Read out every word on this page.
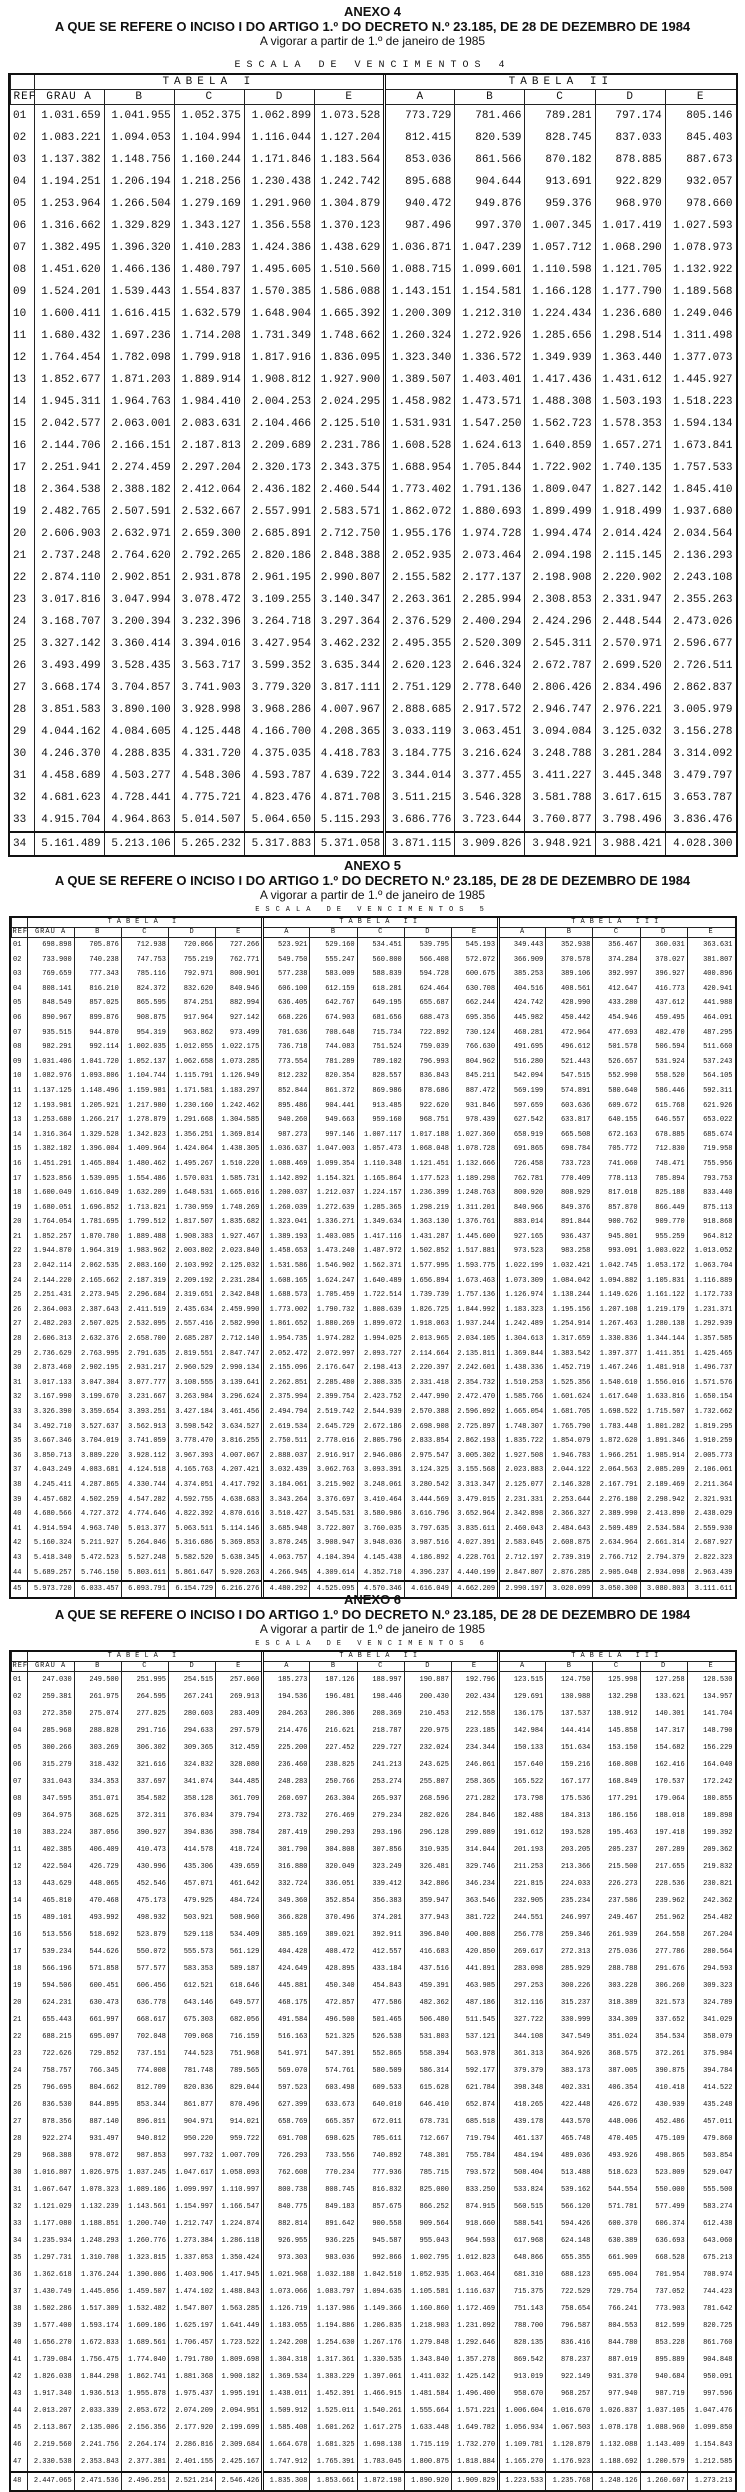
ANEXO 4
A QUE SE REFERE O INCISO I DO ARTIGO 1.º DO DECRETO N.º 23.185, DE 28 DE DEZEMBRO DE 1984
A vigorar a partir de 1.º de janeiro de 1985
ESCALA DE VENCIMENTOS 4
	TABELA I					TABELA II				
REF	GRAU A	B	C	D	E	A	B	C	D	E
01	1.031.659	1.041.955	1.052.375	1.062.899	1.073.528	773.729	781.466	789.281	797.174	805.146
02	1.083.221	1.094.053	1.104.994	1.116.044	1.127.204	812.415	820.539	828.745	837.033	845.403
03	1.137.382	1.148.756	1.160.244	1.171.846	1.183.564	853.036	861.566	870.182	878.885	887.673
04	1.194.251	1.206.194	1.218.256	1.230.438	1.242.742	895.688	904.644	913.691	922.829	932.057
05	1.253.964	1.266.504	1.279.169	1.291.960	1.304.879	940.472	949.876	959.376	968.970	978.660
06	1.316.662	1.329.829	1.343.127	1.356.558	1.370.123	987.496	997.370	1.007.345	1.017.419	1.027.593
07	1.382.495	1.396.320	1.410.283	1.424.386	1.438.629	1.036.871	1.047.239	1.057.712	1.068.290	1.078.973
08	1.451.620	1.466.136	1.480.797	1.495.605	1.510.560	1.088.715	1.099.601	1.110.598	1.121.705	1.132.922
09	1.524.201	1.539.443	1.554.837	1.570.385	1.586.088	1.143.151	1.154.581	1.166.128	1.177.790	1.189.568
10	1.600.411	1.616.415	1.632.579	1.648.904	1.665.392	1.200.309	1.212.310	1.224.434	1.236.680	1.249.046
11	1.680.432	1.697.236	1.714.208	1.731.349	1.748.662	1.260.324	1.272.926	1.285.656	1.298.514	1.311.498
12	1.764.454	1.782.098	1.799.918	1.817.916	1.836.095	1.323.340	1.336.572	1.349.939	1.363.440	1.377.073
13	1.852.677	1.871.203	1.889.914	1.908.812	1.927.900	1.389.507	1.403.401	1.417.436	1.431.612	1.445.927
14	1.945.311	1.964.763	1.984.410	2.004.253	2.024.295	1.458.982	1.473.571	1.488.308	1.503.193	1.518.223
15	2.042.577	2.063.001	2.083.631	2.104.466	2.125.510	1.531.931	1.547.250	1.562.723	1.578.353	1.594.134
16	2.144.706	2.166.151	2.187.813	2.209.689	2.231.786	1.608.528	1.624.613	1.640.859	1.657.271	1.673.841
17	2.251.941	2.274.459	2.297.204	2.320.173	2.343.375	1.688.954	1.705.844	1.722.902	1.740.135	1.757.533
18	2.364.538	2.388.182	2.412.064	2.436.182	2.460.544	1.773.402	1.791.136	1.809.047	1.827.142	1.845.410
19	2.482.765	2.507.591	2.532.667	2.557.991	2.583.571	1.862.072	1.880.693	1.899.499	1.918.499	1.937.680
20	2.606.903	2.632.971	2.659.300	2.685.891	2.712.750	1.955.176	1.974.728	1.994.474	2.014.424	2.034.564
21	2.737.248	2.764.620	2.792.265	2.820.186	2.848.388	2.052.935	2.073.464	2.094.198	2.115.145	2.136.293
22	2.874.110	2.902.851	2.931.878	2.961.195	2.990.807	2.155.582	2.177.137	2.198.908	2.220.902	2.243.108
23	3.017.816	3.047.994	3.078.472	3.109.255	3.140.347	2.263.361	2.285.994	2.308.853	2.331.947	2.355.263
24	3.168.707	3.200.394	3.232.396	3.264.718	3.297.364	2.376.529	2.400.294	2.424.296	2.448.544	2.473.026
25	3.327.142	3.360.414	3.394.016	3.427.954	3.462.232	2.495.355	2.520.309	2.545.311	2.570.971	2.596.677
26	3.493.499	3.528.435	3.563.717	3.599.352	3.635.344	2.620.123	2.646.324	2.672.787	2.699.520	2.726.511
27	3.668.174	3.704.857	3.741.903	3.779.320	3.817.111	2.751.129	2.778.640	2.806.426	2.834.496	2.862.837
28	3.851.583	3.890.100	3.928.998	3.968.286	4.007.967	2.888.685	2.917.572	2.946.747	2.976.221	3.005.979
29	4.044.162	4.084.605	4.125.448	4.166.700	4.208.365	3.033.119	3.063.451	3.094.084	3.125.032	3.156.278
30	4.246.370	4.288.835	4.331.720	4.375.035	4.418.783	3.184.775	3.216.624	3.248.788	3.281.284	3.314.092
31	4.458.689	4.503.277	4.548.306	4.593.787	4.639.722	3.344.014	3.377.455	3.411.227	3.445.348	3.479.797
32	4.681.623	4.728.441	4.775.721	4.823.476	4.871.708	3.511.215	3.546.328	3.581.788	3.617.615	3.653.787
33	4.915.704	4.964.863	5.014.507	5.064.650	5.115.293	3.686.776	3.723.644	3.760.877	3.798.496	3.836.476
34	5.161.489	5.213.106	5.265.232	5.317.883	5.371.058	3.871.115	3.909.826	3.948.921	3.988.421	4.028.300
ANEXO 5
A QUE SE REFERE O INCISO I DO ARTIGO 1.º DO DECRETO N.º 23.185, DE 28 DE DEZEMBRO DE 1984
A vigorar a partir de 1.º de janeiro de 1985
ESCALA DE VENCIMENTOS 5
	TABELA I					TABELA II					TABELA III				
REF	GRAU A	B	C	D	E	A	B	C	D	E	A	B	C	D	E
01	698.898	705.876	712.938	720.066	727.266	523.921	529.160	534.451	539.795	545.193	349.443	352.938	356.467	360.031	363.631
02	733.900	740.238	747.753	755.219	762.771	549.750	555.247	560.800	566.408	572.072	366.909	370.578	374.284	378.027	381.807
03	769.659	777.343	785.116	792.971	800.901	577.238	583.009	588.839	594.728	600.675	385.253	389.106	392.997	396.927	400.896
04	808.141	816.210	824.372	832.620	840.946	606.100	612.159	618.281	624.464	630.708	404.516	408.561	412.647	416.773	420.941
05	848.549	857.025	865.595	874.251	882.994	636.405	642.767	649.195	655.687	662.244	424.742	428.990	433.280	437.612	441.988
06	890.967	899.876	908.875	917.964	927.142	668.226	674.903	681.656	688.473	695.356	445.982	450.442	454.946	459.495	464.091
07	935.515	944.870	954.319	963.862	973.499	701.636	708.648	715.734	722.892	730.124	468.281	472.964	477.693	482.470	487.295
08	982.291	992.114	1.002.035	1.012.055	1.022.175	736.718	744.083	751.524	759.039	766.630	491.695	496.612	501.578	506.594	511.660
09	1.031.406	1.041.720	1.052.137	1.062.658	1.073.285	773.554	781.289	789.102	796.993	804.962	516.280	521.443	526.657	531.924	537.243
10	1.082.976	1.093.806	1.104.744	1.115.791	1.126.949	812.232	820.354	828.557	836.843	845.211	542.094	547.515	552.990	558.520	564.105
11	1.137.125	1.148.496	1.159.981	1.171.581	1.183.297	852.844	861.372	869.986	878.686	887.472	569.199	574.891	580.640	586.446	592.311
12	1.193.981	1.205.921	1.217.980	1.230.160	1.242.462	895.486	904.441	913.485	922.620	931.846	597.659	603.636	609.672	615.768	621.926
13	1.253.680	1.266.217	1.278.879	1.291.668	1.304.585	940.260	949.663	959.160	968.751	978.439	627.542	633.817	640.155	646.557	653.022
14	1.316.364	1.329.528	1.342.823	1.356.251	1.369.814	987.273	997.146	1.007.117	1.017.188	1.027.360	658.919	665.508	672.163	678.885	685.674
15	1.382.182	1.396.004	1.409.964	1.424.064	1.438.305	1.036.637	1.047.003	1.057.473	1.068.048	1.078.728	691.865	698.784	705.772	712.830	719.958
16	1.451.291	1.465.804	1.480.462	1.495.267	1.510.220	1.088.469	1.099.354	1.110.348	1.121.451	1.132.666	726.458	733.723	741.060	748.471	755.956
17	1.523.856	1.539.095	1.554.486	1.570.031	1.585.731	1.142.892	1.154.321	1.165.864	1.177.523	1.189.298	762.781	770.409	778.113	785.894	793.753
18	1.600.049	1.616.049	1.632.209	1.648.531	1.665.016	1.200.037	1.212.037	1.224.157	1.236.399	1.248.763	800.920	808.929	817.018	825.188	833.440
19	1.680.051	1.696.852	1.713.821	1.730.959	1.748.269	1.260.039	1.272.639	1.285.365	1.298.219	1.311.201	840.966	849.376	857.870	866.449	875.113
20	1.764.054	1.781.695	1.799.512	1.817.507	1.835.682	1.323.041	1.336.271	1.349.634	1.363.130	1.376.761	883.014	891.844	900.762	909.770	918.868
21	1.852.257	1.870.780	1.889.488	1.908.383	1.927.467	1.389.193	1.403.085	1.417.116	1.431.287	1.445.600	927.165	936.437	945.801	955.259	964.812
22	1.944.870	1.964.319	1.983.962	2.003.802	2.023.840	1.458.653	1.473.240	1.487.972	1.502.852	1.517.881	973.523	983.258	993.091	1.003.022	1.013.052
23	2.042.114	2.062.535	2.083.160	2.103.992	2.125.032	1.531.586	1.546.902	1.562.371	1.577.995	1.593.775	1.022.199	1.032.421	1.042.745	1.053.172	1.063.704
24	2.144.220	2.165.662	2.187.319	2.209.192	2.231.284	1.608.165	1.624.247	1.640.489	1.656.894	1.673.463	1.073.309	1.084.042	1.094.882	1.105.831	1.116.889
25	2.251.431	2.273.945	2.296.684	2.319.651	2.342.848	1.688.573	1.705.459	1.722.514	1.739.739	1.757.136	1.126.974	1.138.244	1.149.626	1.161.122	1.172.733
26	2.364.003	2.387.643	2.411.519	2.435.634	2.459.990	1.773.002	1.790.732	1.808.639	1.826.725	1.844.992	1.183.323	1.195.156	1.207.108	1.219.179	1.231.371
27	2.482.203	2.507.025	2.532.095	2.557.416	2.582.990	1.861.652	1.880.269	1.899.072	1.918.063	1.937.244	1.242.489	1.254.914	1.267.463	1.280.138	1.292.939
28	2.606.313	2.632.376	2.658.700	2.685.287	2.712.140	1.954.735	1.974.282	1.994.025	2.013.965	2.034.105	1.304.613	1.317.659	1.330.836	1.344.144	1.357.585
29	2.736.629	2.763.995	2.791.635	2.819.551	2.847.747	2.052.472	2.072.997	2.093.727	2.114.664	2.135.811	1.369.844	1.383.542	1.397.377	1.411.351	1.425.465
30	2.873.460	2.902.195	2.931.217	2.960.529	2.990.134	2.155.096	2.176.647	2.198.413	2.220.397	2.242.601	1.438.336	1.452.719	1.467.246	1.481.918	1.496.737
31	3.017.133	3.047.304	3.077.777	3.108.555	3.139.641	2.262.851	2.285.480	2.308.335	2.331.418	2.354.732	1.510.253	1.525.356	1.540.610	1.556.016	1.571.576
32	3.167.990	3.199.670	3.231.667	3.263.984	3.296.624	2.375.994	2.399.754	2.423.752	2.447.990	2.472.470	1.585.766	1.601.624	1.617.640	1.633.816	1.650.154
33	3.326.390	3.359.654	3.393.251	3.427.184	3.461.456	2.494.794	2.519.742	2.544.939	2.570.388	2.596.092	1.665.054	1.681.705	1.698.522	1.715.507	1.732.662
34	3.492.710	3.527.637	3.562.913	3.598.542	3.634.527	2.619.534	2.645.729	2.672.186	2.698.908	2.725.897	1.748.307	1.765.790	1.783.448	1.801.282	1.819.295
35	3.667.346	3.704.019	3.741.059	3.778.470	3.816.255	2.750.511	2.778.016	2.805.796	2.833.854	2.862.193	1.835.722	1.854.079	1.872.620	1.891.346	1.910.259
36	3.850.713	3.889.220	3.928.112	3.967.393	4.007.067	2.888.037	2.916.917	2.946.086	2.975.547	3.005.302	1.927.508	1.946.783	1.966.251	1.985.914	2.005.773
37	4.043.249	4.083.681	4.124.518	4.165.763	4.207.421	3.032.439	3.062.763	3.093.391	3.124.325	3.155.568	2.023.883	2.044.122	2.064.563	2.085.209	2.106.061
38	4.245.411	4.287.865	4.330.744	4.374.051	4.417.792	3.184.061	3.215.902	3.248.061	3.280.542	3.313.347	2.125.077	2.146.328	2.167.791	2.189.469	2.211.364
39	4.457.682	4.502.259	4.547.282	4.592.755	4.638.683	3.343.264	3.376.697	3.410.464	3.444.569	3.479.015	2.231.331	2.253.644	2.276.180	2.298.942	2.321.931
40	4.680.566	4.727.372	4.774.646	4.822.392	4.870.616	3.510.427	3.545.531	3.580.986	3.616.796	3.652.964	2.342.898	2.366.327	2.389.990	2.413.890	2.438.029
41	4.914.594	4.963.740	5.013.377	5.063.511	5.114.146	3.685.948	3.722.807	3.760.035	3.797.635	3.835.611	2.460.043	2.484.643	2.509.489	2.534.584	2.559.930
42	5.160.324	5.211.927	5.264.046	5.316.686	5.369.853	3.870.245	3.908.947	3.948.036	3.987.516	4.027.391	2.583.045	2.608.875	2.634.964	2.661.314	2.687.927
43	5.418.340	5.472.523	5.527.248	5.582.520	5.638.345	4.063.757	4.104.394	4.145.438	4.186.892	4.228.761	2.712.197	2.739.319	2.766.712	2.794.379	2.822.323
44	5.689.257	5.746.150	5.803.611	5.861.647	5.920.263	4.266.945	4.309.614	4.352.710	4.396.237	4.440.199	2.847.807	2.876.285	2.905.048	2.934.098	2.963.439
45	5.973.720	6.033.457	6.093.791	6.154.729	6.216.276	4.480.292	4.525.095	4.570.346	4.616.049	4.662.209	2.990.197	3.020.099	3.050.300	3.080.803	3.111.611
ANEXO 6
A QUE SE REFERE O INCISO I DO ARTIGO 1.º DO DECRETO N.º 23.185, DE 28 DE DEZEMBRO DE 1984
A vigorar a partir de 1.º de janeiro de 1985
ESCALA DE VENCIMENTOS 6
	TABELA I					TABELA II					TABELA III				
REF	GRAU A	B	C	D	E	A	B	C	D	E	A	B	C	D	E
01	247.030	249.500	251.995	254.515	257.060	185.273	187.126	188.997	190.887	192.796	123.515	124.750	125.998	127.258	128.530
02	259.381	261.975	264.595	267.241	269.913	194.536	196.481	198.446	200.430	202.434	129.691	130.988	132.298	133.621	134.957
03	272.350	275.074	277.825	280.603	283.409	204.263	206.306	208.369	210.453	212.558	136.175	137.537	138.912	140.301	141.704
04	285.968	288.828	291.716	294.633	297.579	214.476	216.621	218.787	220.975	223.185	142.984	144.414	145.858	147.317	148.790
05	300.266	303.269	306.302	309.365	312.459	225.200	227.452	229.727	232.024	234.344	150.133	151.634	153.150	154.682	156.229
06	315.279	318.432	321.616	324.832	328.080	236.460	238.825	241.213	243.625	246.061	157.640	159.216	160.808	162.416	164.040
07	331.043	334.353	337.697	341.074	344.485	248.283	250.766	253.274	255.807	258.365	165.522	167.177	168.849	170.537	172.242
08	347.595	351.071	354.582	358.128	361.709	260.697	263.304	265.937	268.596	271.282	173.798	175.536	177.291	179.064	180.855
09	364.975	368.625	372.311	376.034	379.794	273.732	276.469	279.234	282.026	284.846	182.488	184.313	186.156	188.018	189.898
10	383.224	387.056	390.927	394.836	398.784	287.419	290.293	293.196	296.128	299.089	191.612	193.528	195.463	197.418	199.392
11	402.385	406.409	410.473	414.578	418.724	301.790	304.808	307.856	310.935	314.044	201.193	203.205	205.237	207.289	209.362
12	422.504	426.729	430.996	435.306	439.659	316.880	320.049	323.249	326.481	329.746	211.253	213.366	215.500	217.655	219.832
13	443.629	448.065	452.546	457.071	461.642	332.724	336.051	339.412	342.806	346.234	221.815	224.033	226.273	228.536	230.821
14	465.810	470.468	475.173	479.925	484.724	349.360	352.854	356.383	359.947	363.546	232.905	235.234	237.586	239.962	242.362
15	489.101	493.992	498.932	503.921	508.960	366.828	370.496	374.201	377.943	381.722	244.551	246.997	249.467	251.962	254.482
16	513.556	518.692	523.879	529.118	534.409	385.169	389.021	392.911	396.840	400.808	256.778	259.346	261.939	264.558	267.204
17	539.234	544.626	550.072	555.573	561.129	404.428	408.472	412.557	416.683	420.850	269.617	272.313	275.036	277.786	280.564
18	566.196	571.858	577.577	583.353	589.187	424.649	428.895	433.184	437.516	441.891	283.098	285.929	288.788	291.676	294.593
19	594.506	600.451	606.456	612.521	618.646	445.881	450.340	454.843	459.391	463.985	297.253	300.226	303.228	306.260	309.323
20	624.231	630.473	636.778	643.146	649.577	468.175	472.857	477.586	482.362	487.186	312.116	315.237	318.389	321.573	324.789
21	655.443	661.997	668.617	675.303	682.056	491.584	496.500	501.465	506.480	511.545	327.722	330.999	334.309	337.652	341.029
22	688.215	695.097	702.048	709.068	716.159	516.163	521.325	526.538	531.803	537.121	344.108	347.549	351.024	354.534	358.079
23	722.626	729.852	737.151	744.523	751.968	541.971	547.391	552.865	558.394	563.978	361.313	364.926	368.575	372.261	375.984
24	758.757	766.345	774.008	781.748	789.565	569.070	574.761	580.509	586.314	592.177	379.379	383.173	387.005	390.875	394.784
25	796.695	804.662	812.709	820.836	829.044	597.523	603.498	609.533	615.628	621.784	398.348	402.331	406.354	410.418	414.522
26	836.530	844.895	853.344	861.877	870.496	627.399	633.673	640.010	646.410	652.874	418.265	422.448	426.672	430.939	435.248
27	878.356	887.140	896.011	904.971	914.021	658.769	665.357	672.011	678.731	685.518	439.178	443.570	448.006	452.486	457.011
28	922.274	931.497	940.812	950.220	959.722	691.708	698.625	705.611	712.667	719.794	461.137	465.748	470.405	475.109	479.860
29	968.388	978.072	987.853	997.732	1.007.709	726.293	733.556	740.892	748.301	755.784	484.194	489.036	493.926	498.865	503.854
30	1.016.807	1.026.975	1.037.245	1.047.617	1.058.093	762.608	770.234	777.936	785.715	793.572	508.404	513.488	518.623	523.809	529.047
31	1.067.647	1.078.323	1.089.106	1.099.997	1.110.997	800.738	808.745	816.832	825.000	833.250	533.824	539.162	544.554	550.000	555.500
32	1.121.029	1.132.239	1.143.561	1.154.997	1.166.547	840.775	849.183	857.675	866.252	874.915	560.515	566.120	571.781	577.499	583.274
33	1.177.080	1.188.851	1.200.740	1.212.747	1.224.874	882.814	891.642	900.558	909.564	918.660	588.541	594.426	600.370	606.374	612.438
34	1.235.934	1.248.293	1.260.776	1.273.384	1.286.118	926.955	936.225	945.587	955.043	964.593	617.968	624.148	630.389	636.693	643.060
35	1.297.731	1.310.708	1.323.815	1.337.053	1.350.424	973.303	983.036	992.866	1.002.795	1.012.823	648.866	655.355	661.909	668.528	675.213
36	1.362.618	1.376.244	1.390.006	1.403.906	1.417.945	1.021.968	1.032.188	1.042.510	1.052.935	1.063.464	681.310	688.123	695.004	701.954	708.974
37	1.430.749	1.445.056	1.459.507	1.474.102	1.488.843	1.073.066	1.083.797	1.094.635	1.105.581	1.116.637	715.375	722.529	729.754	737.052	744.423
38	1.502.286	1.517.309	1.532.482	1.547.807	1.563.285	1.126.719	1.137.986	1.149.366	1.160.860	1.172.469	751.143	758.654	766.241	773.903	781.642
39	1.577.400	1.593.174	1.609.106	1.625.197	1.641.449	1.183.055	1.194.886	1.206.835	1.218.903	1.231.092	788.700	796.587	804.553	812.599	820.725
40	1.656.270	1.672.833	1.689.561	1.706.457	1.723.522	1.242.208	1.254.630	1.267.176	1.279.848	1.292.646	828.135	836.416	844.780	853.228	861.760
41	1.739.084	1.756.475	1.774.040	1.791.780	1.809.698	1.304.318	1.317.361	1.330.535	1.343.840	1.357.278	869.542	878.237	887.019	895.889	904.848
42	1.826.038	1.844.298	1.862.741	1.881.368	1.900.182	1.369.534	1.383.229	1.397.061	1.411.032	1.425.142	913.019	922.149	931.370	940.684	950.091
43	1.917.340	1.936.513	1.955.878	1.975.437	1.995.191	1.438.011	1.452.391	1.466.915	1.481.584	1.496.400	958.670	968.257	977.940	987.719	997.596
44	2.013.207	2.033.339	2.053.672	2.074.209	2.094.951	1.509.912	1.525.011	1.540.261	1.555.664	1.571.221	1.006.604	1.016.670	1.026.837	1.037.105	1.047.476
45	2.113.867	2.135.006	2.156.356	2.177.920	2.199.699	1.585.408	1.601.262	1.617.275	1.633.448	1.649.782	1.056.934	1.067.503	1.078.178	1.088.960	1.099.850
46	2.219.560	2.241.756	2.264.174	2.286.816	2.309.684	1.664.678	1.681.325	1.698.138	1.715.119	1.732.270	1.109.781	1.120.879	1.132.088	1.143.409	1.154.843
47	2.330.538	2.353.843	2.377.381	2.401.155	2.425.167	1.747.912	1.765.391	1.783.045	1.800.875	1.818.884	1.165.270	1.176.923	1.188.692	1.200.579	1.212.585
48	2.447.065	2.471.536	2.496.251	2.521.214	2.546.426	1.835.308	1.853.661	1.872.198	1.890.920	1.909.829	1.223.533	1.235.768	1.248.126	1.260.607	1.273.213
